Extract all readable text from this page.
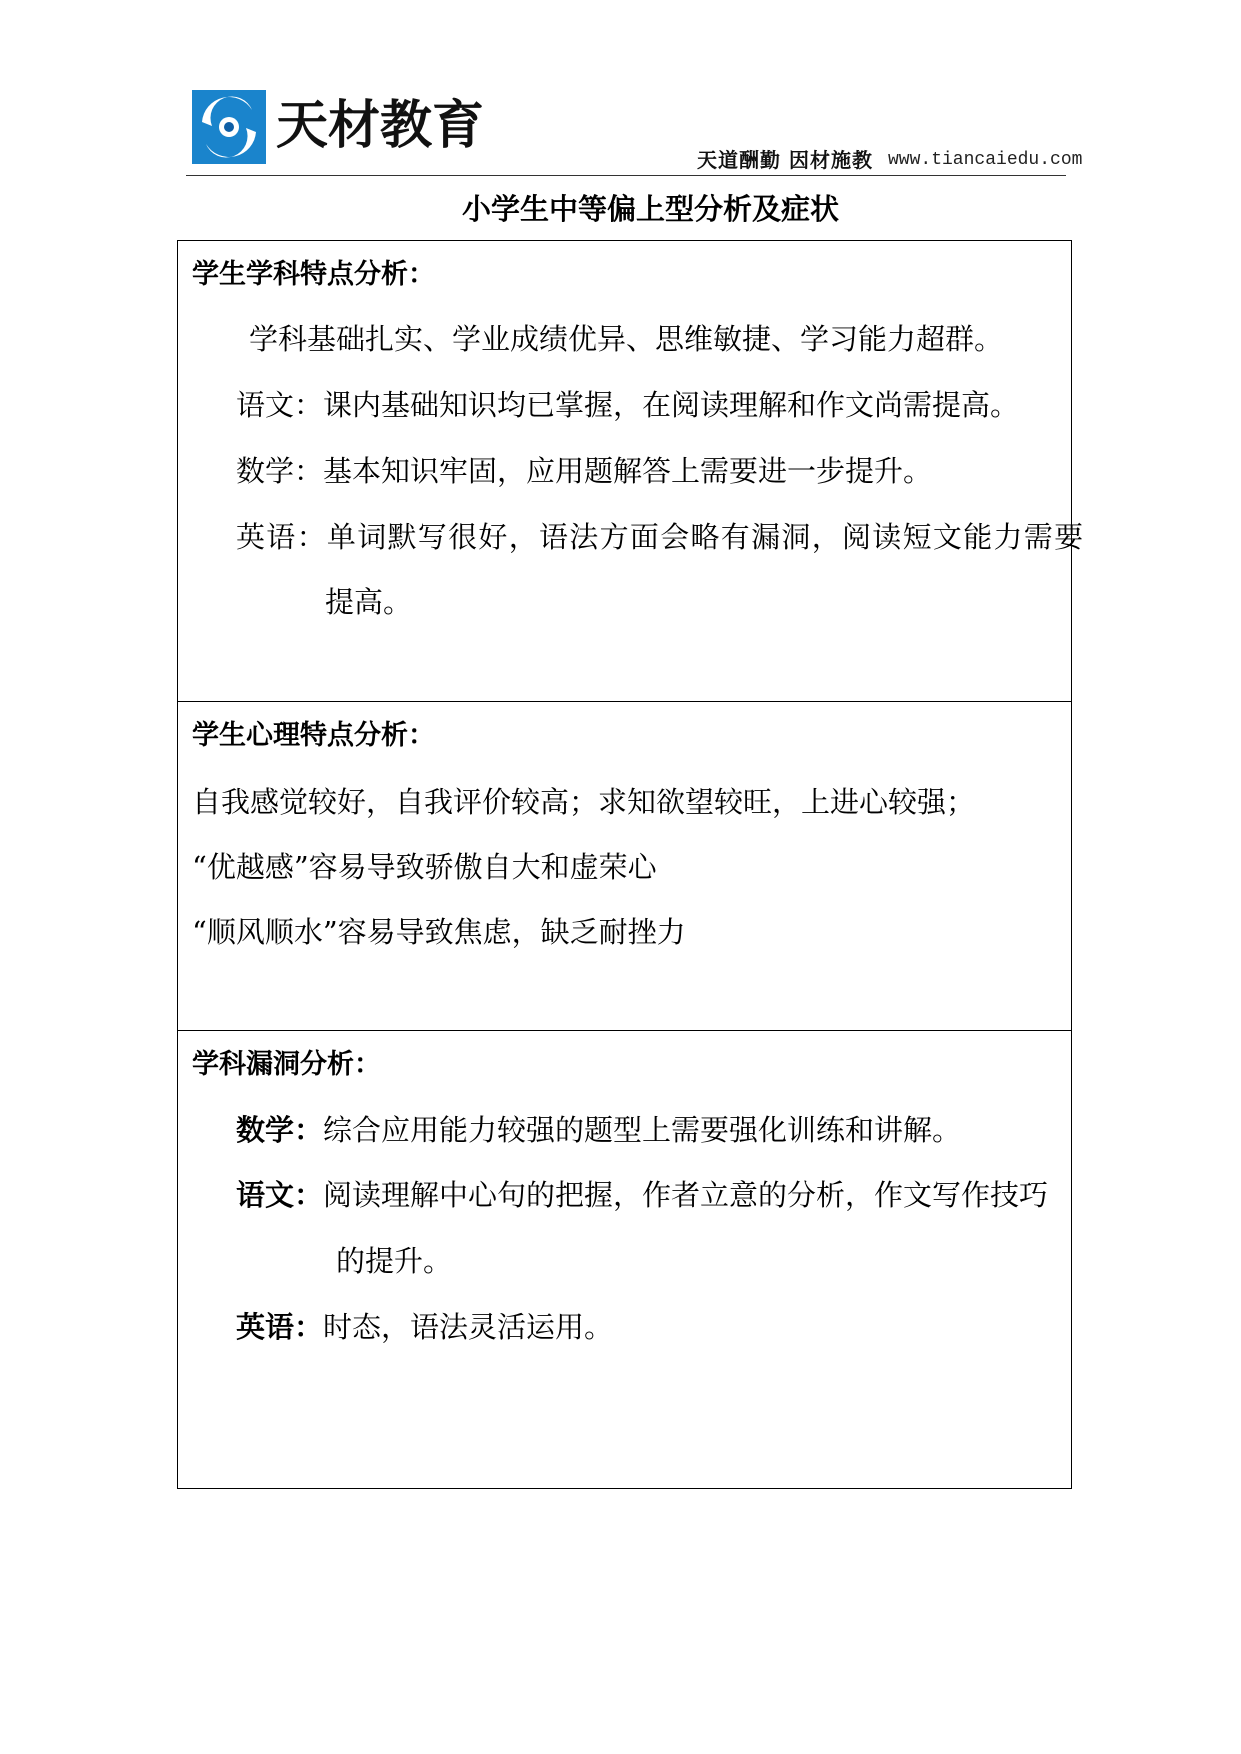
天材教育
天道酬勤 因材施教 www.tiancaiedu.com
小学生中等偏上型分析及症状
学生学科特点分析：
学科基础扎实、学业成绩优异、思维敏捷、学习能力超群。
语文：课内基础知识均已掌握，在阅读理解和作文尚需提高。
数学：基本知识牢固，应用题解答上需要进一步提升。
英语：单词默写很好，语法方面会略有漏洞，阅读短文能力需要
提高。
学生心理特点分析：
自我感觉较好，自我评价较高；求知欲望较旺，上进心较强；
“优越感”容易导致骄傲自大和虚荣心
“顺风顺水”容易导致焦虑，缺乏耐挫力
学科漏洞分析：
数学：综合应用能力较强的题型上需要强化训练和讲解。
语文：阅读理解中心句的把握，作者立意的分析，作文写作技巧
的提升。
英语：时态，语法灵活运用。
